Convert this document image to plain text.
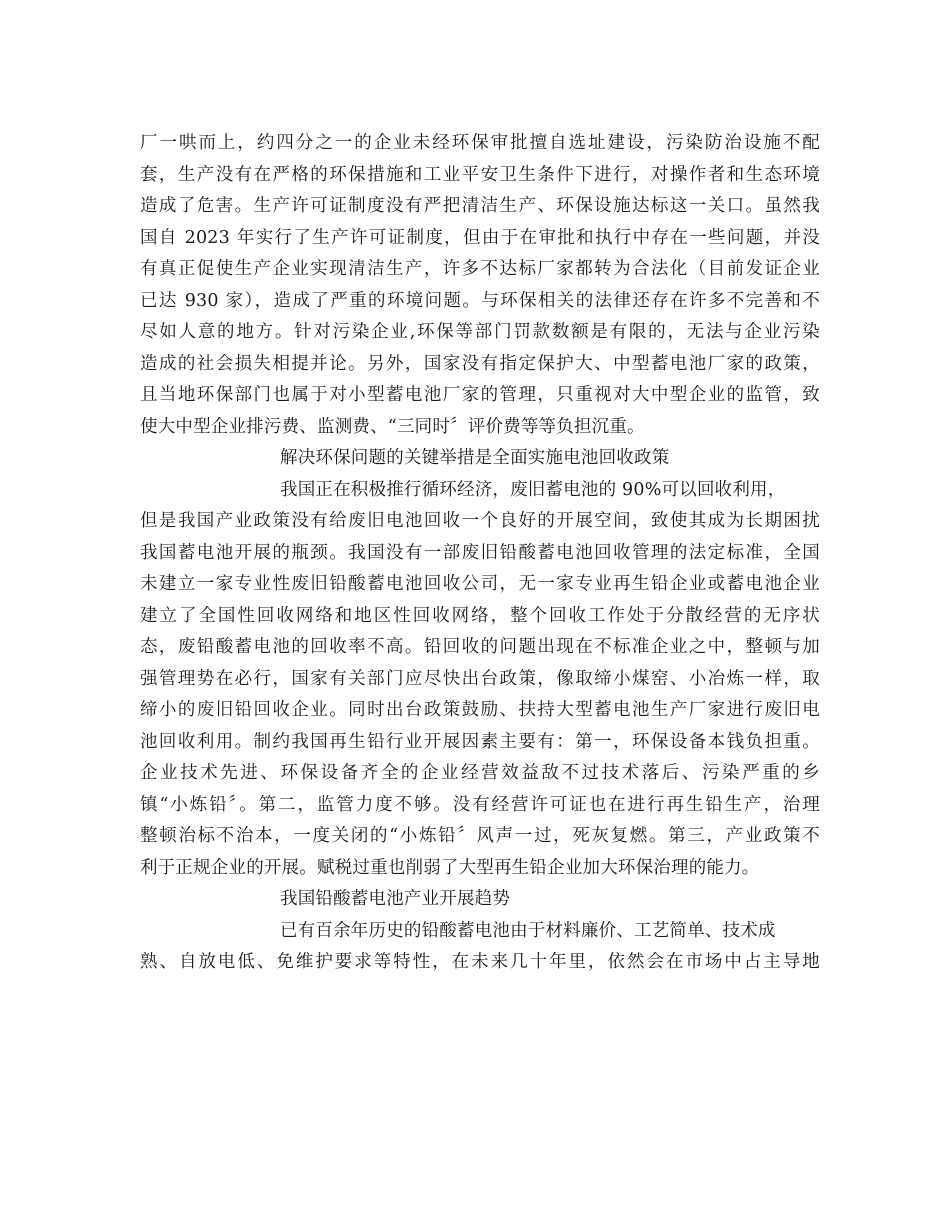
厂一哄而上，约四分之一的企业未经环保审批擅自选址建设，污染防治设施不配
套，生产没有在严格的环保措施和工业平安卫生条件下进行，对操作者和生态环境
造成了危害。生产许可证制度没有严把清洁生产、环保设施达标这一关口。虽然我
国自 2023 年实行了生产许可证制度，但由于在审批和执行中存在一些问题，并没
有真正促使生产企业实现清洁生产，许多不达标厂家都转为合法化（目前发证企业
已达 930 家），造成了严重的环境问题。与环保相关的法律还存在许多不完善和不
尽如人意的地方。针对污染企业,环保等部门罚款数额是有限的，无法与企业污染
造成的社会损失相提并论。另外，国家没有指定保护大、中型蓄电池厂家的政策，
且当地环保部门也属于对小型蓄电池厂家的管理，只重视对大中型企业的监管，致
使大中型企业排污费、监测费、“三同时〞评价费等等负担沉重。
解决环保问题的关键举措是全面实施电池回收政策
我国正在积极推行循环经济，废旧蓄电池的 90%可以回收利用，
但是我国产业政策没有给废旧电池回收一个良好的开展空间，致使其成为长期困扰
我国蓄电池开展的瓶颈。我国没有一部废旧铅酸蓄电池回收管理的法定标准，全国
未建立一家专业性废旧铅酸蓄电池回收公司，无一家专业再生铅企业或蓄电池企业
建立了全国性回收网络和地区性回收网络，整个回收工作处于分散经营的无序状
态，废铅酸蓄电池的回收率不高。铅回收的问题出现在不标准企业之中，整顿与加
强管理势在必行，国家有关部门应尽快出台政策，像取缔小煤窑、小冶炼一样，取
缔小的废旧铅回收企业。同时出台政策鼓励、扶持大型蓄电池生产厂家进行废旧电
池回收利用。制约我国再生铅行业开展因素主要有：第一，环保设备本钱负担重。
企业技术先进、环保设备齐全的企业经营效益敌不过技术落后、污染严重的乡
镇“小炼铅〞。第二，监管力度不够。没有经营许可证也在进行再生铅生产，治理
整顿治标不治本，一度关闭的“小炼铅〞风声一过，死灰复燃。第三，产业政策不
利于正规企业的开展。赋税过重也削弱了大型再生铅企业加大环保治理的能力。
我国铅酸蓄电池产业开展趋势
已有百余年历史的铅酸蓄电池由于材料廉价、工艺简单、技术成
熟、自放电低、免维护要求等特性，在未来几十年里，依然会在市场中占主导地
